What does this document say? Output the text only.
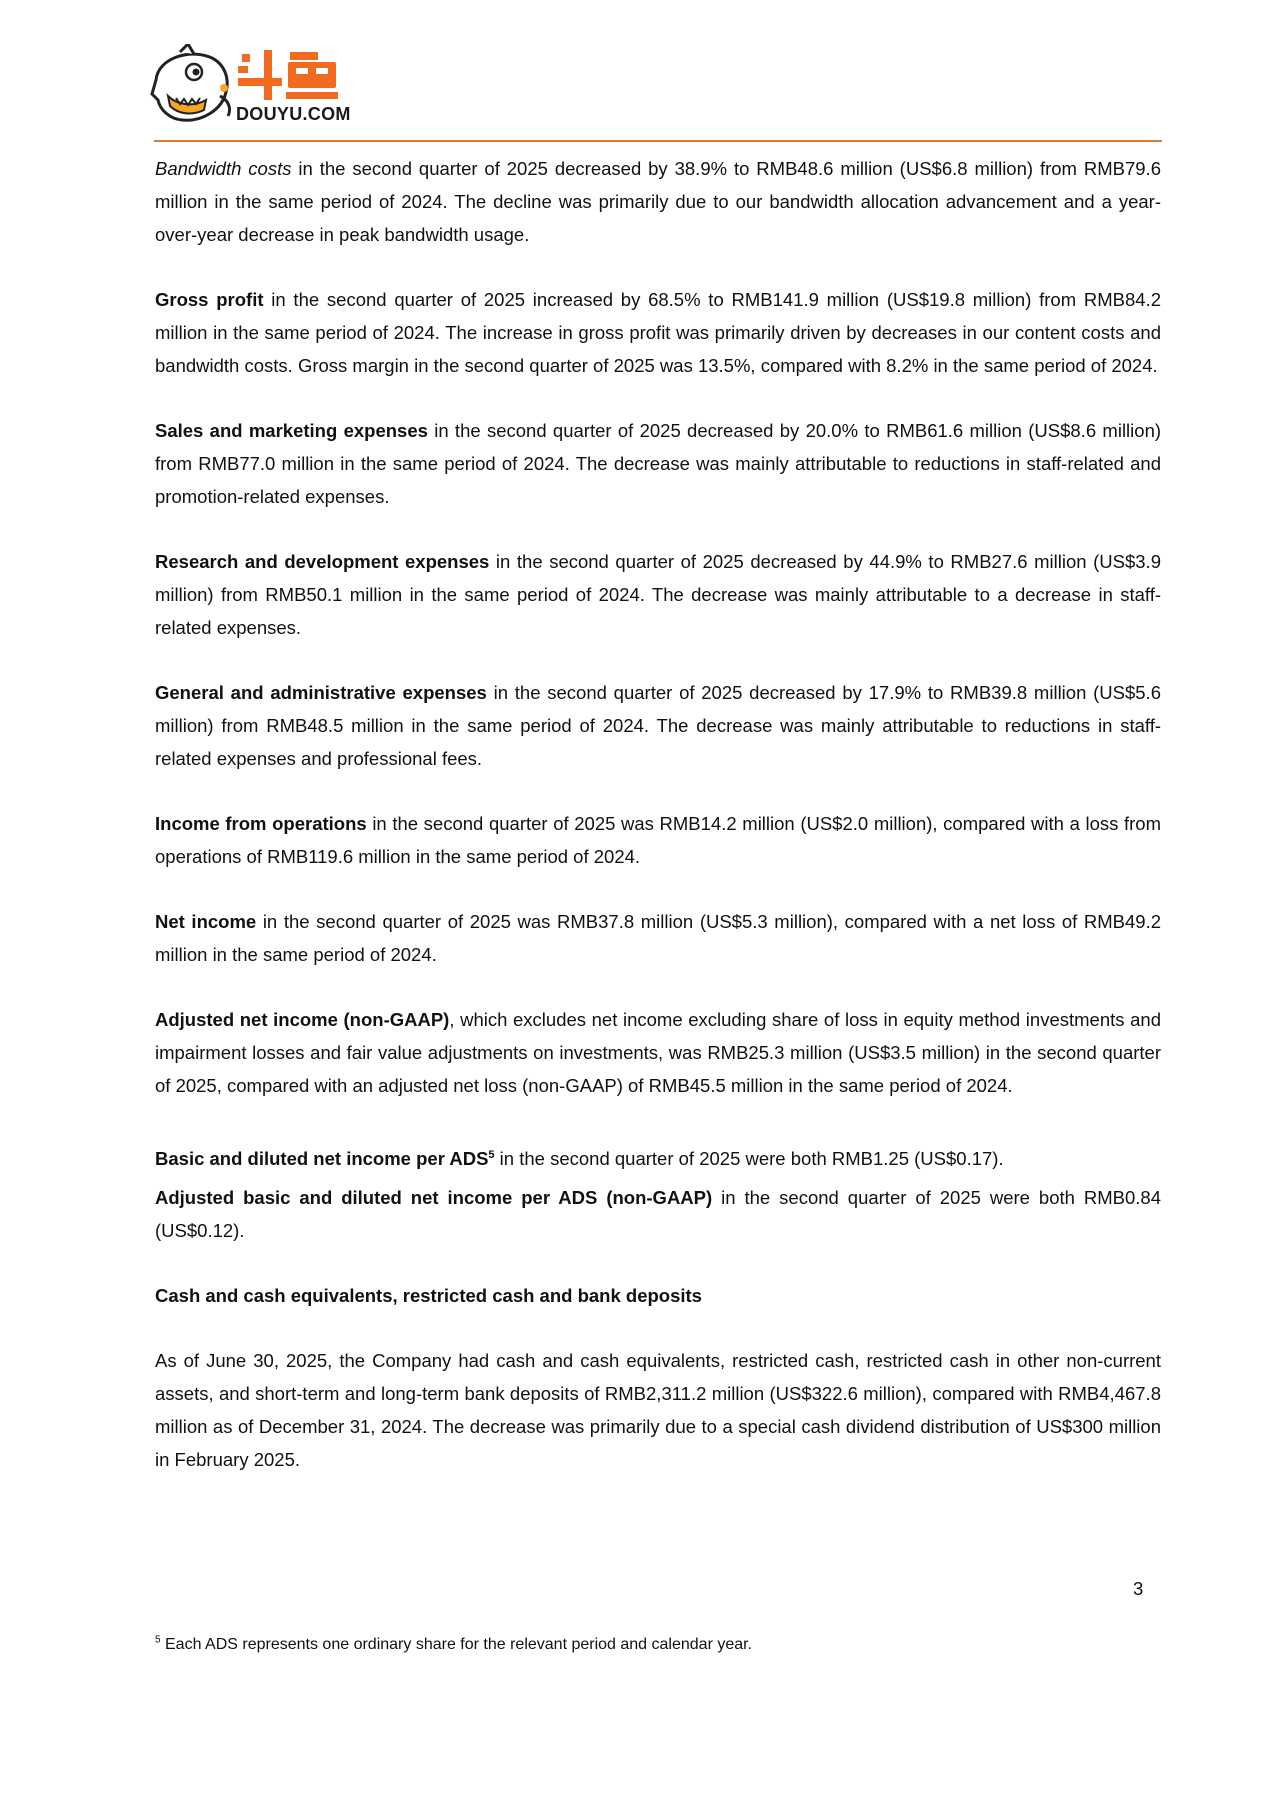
DOUYU.COM

Bandwidth costs in the second quarter of 2025 decreased by 38.9% to RMB48.6 million (US$6.8 million) from RMB79.6 million in the same period of 2024. The decline was primarily due to our bandwidth allocation advancement and a year-over-year decrease in peak bandwidth usage.

Gross profit in the second quarter of 2025 increased by 68.5% to RMB141.9 million (US$19.8 million) from RMB84.2 million in the same period of 2024. The increase in gross profit was primarily driven by decreases in our content costs and bandwidth costs. Gross margin in the second quarter of 2025 was 13.5%, compared with 8.2% in the same period of 2024.

Sales and marketing expenses in the second quarter of 2025 decreased by 20.0% to RMB61.6 million (US$8.6 million) from RMB77.0 million in the same period of 2024. The decrease was mainly attributable to reductions in staff-related and promotion-related expenses.

Research and development expenses in the second quarter of 2025 decreased by 44.9% to RMB27.6 million (US$3.9 million) from RMB50.1 million in the same period of 2024. The decrease was mainly attributable to a decrease in staff-related expenses.

General and administrative expenses in the second quarter of 2025 decreased by 17.9% to RMB39.8 million (US$5.6 million) from RMB48.5 million in the same period of 2024. The decrease was mainly attributable to reductions in staff-related expenses and professional fees.

Income from operations in the second quarter of 2025 was RMB14.2 million (US$2.0 million), compared with a loss from operations of RMB119.6 million in the same period of 2024.

Net income in the second quarter of 2025 was RMB37.8 million (US$5.3 million), compared with a net loss of RMB49.2 million in the same period of 2024.

Adjusted net income (non-GAAP), which excludes net income excluding share of loss in equity method investments and impairment losses and fair value adjustments on investments, was RMB25.3 million (US$3.5 million) in the second quarter of 2025, compared with an adjusted net loss (non-GAAP) of RMB45.5 million in the same period of 2024.

Basic and diluted net income per ADS$^5$ in the second quarter of 2025 were both RMB1.25 (US$0.17).

Adjusted basic and diluted net income per ADS (non-GAAP) in the second quarter of 2025 were both RMB0.84 (US$0.12).

Cash and cash equivalents, restricted cash and bank deposits

As of June 30, 2025, the Company had cash and cash equivalents, restricted cash, restricted cash in other non-current assets, and short-term and long-term bank deposits of RMB2,311.2 million (US$322.6 million), compared with RMB4,467.8 million as of December 31, 2024. The decrease was primarily due to a special cash dividend distribution of US$300 million in February 2025.

3
$^5$ Each ADS represents one ordinary share for the relevant period and calendar year.
